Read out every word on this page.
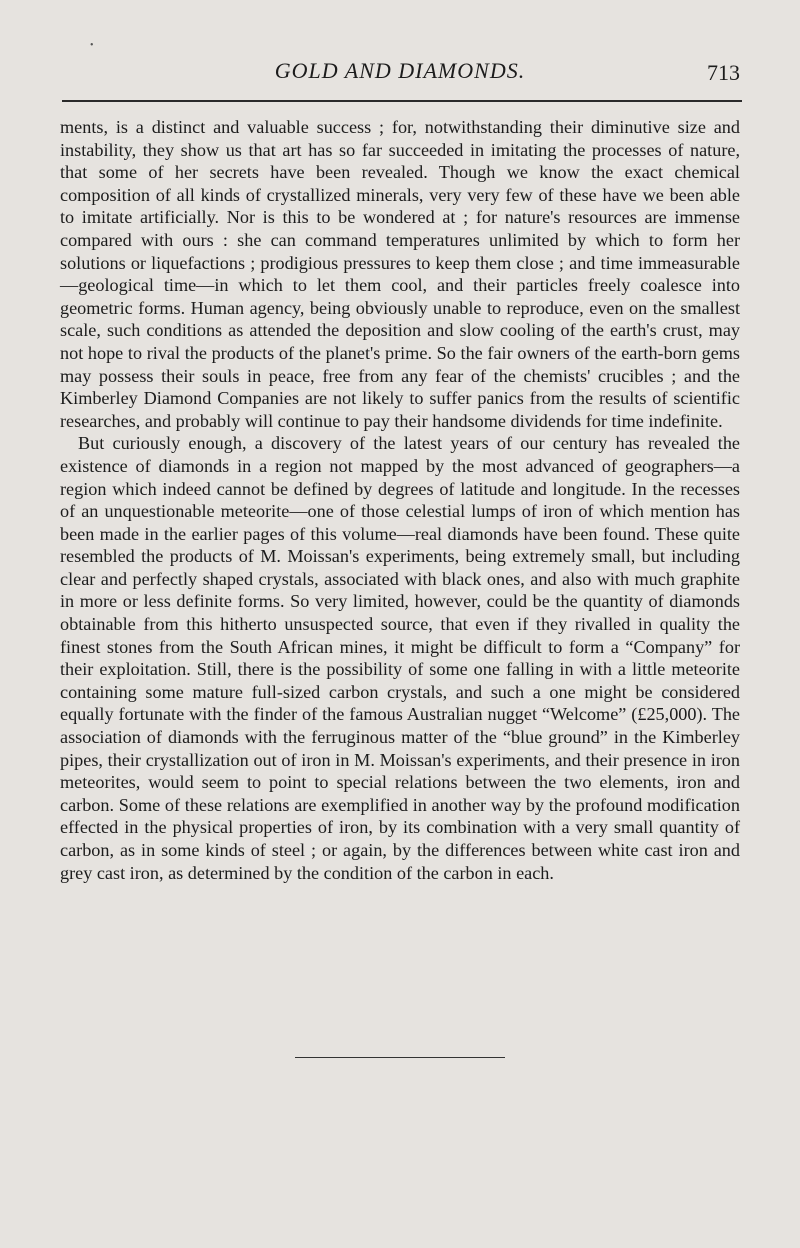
•
GOLD AND DIAMONDS.	713

ments, is a distinct and valuable success ; for, notwithstanding their diminutive size and instability, they show us that art has so far succeeded in imitating the processes of nature, that some of her secrets have been revealed. Though we know the exact chemical composition of all kinds of crystallized minerals, very very few of these have we been able to imitate artificially. Nor is this to be wondered at ; for nature's resources are immense compared with ours : she can command temperatures unlimited by which to form her solutions or liquefactions ; prodigious pressures to keep them close ; and time immeasurable—geological time—in which to let them cool, and their particles freely coalesce into geometric forms. Human agency, being obviously unable to reproduce, even on the smallest scale, such conditions as attended the deposition and slow cooling of the earth's crust, may not hope to rival the products of the planet's prime. So the fair owners of the earth-born gems may possess their souls in peace, free from any fear of the chemists' crucibles ; and the Kimberley Diamond Companies are not likely to suffer panics from the results of scientific researches, and probably will continue to pay their handsome dividends for time indefinite.

But curiously enough, a discovery of the latest years of our century has revealed the existence of diamonds in a region not mapped by the most advanced of geographers—a region which indeed cannot be defined by degrees of latitude and longitude. In the recesses of an unquestionable meteorite—one of those celestial lumps of iron of which mention has been made in the earlier pages of this volume—real diamonds have been found. These quite resembled the products of M. Moissan's experiments, being extremely small, but including clear and perfectly shaped crystals, associated with black ones, and also with much graphite in more or less definite forms. So very limited, however, could be the quantity of diamonds obtainable from this hitherto unsuspected source, that even if they rivalled in quality the finest stones from the South African mines, it might be difficult to form a “Company” for their exploitation. Still, there is the possibility of some one falling in with a little meteorite containing some mature full-sized carbon crystals, and such a one might be considered equally fortunate with the finder of the famous Australian nugget “Welcome” (£25,000). The association of diamonds with the ferruginous matter of the “blue ground” in the Kimberley pipes, their crystallization out of iron in M. Moissan's experiments, and their presence in iron meteorites, would seem to point to special relations between the two elements, iron and carbon. Some of these relations are exemplified in another way by the profound modification effected in the physical properties of iron, by its combination with a very small quantity of carbon, as in some kinds of steel ; or again, by the differences between white cast iron and grey cast iron, as determined by the condition of the carbon in each.
